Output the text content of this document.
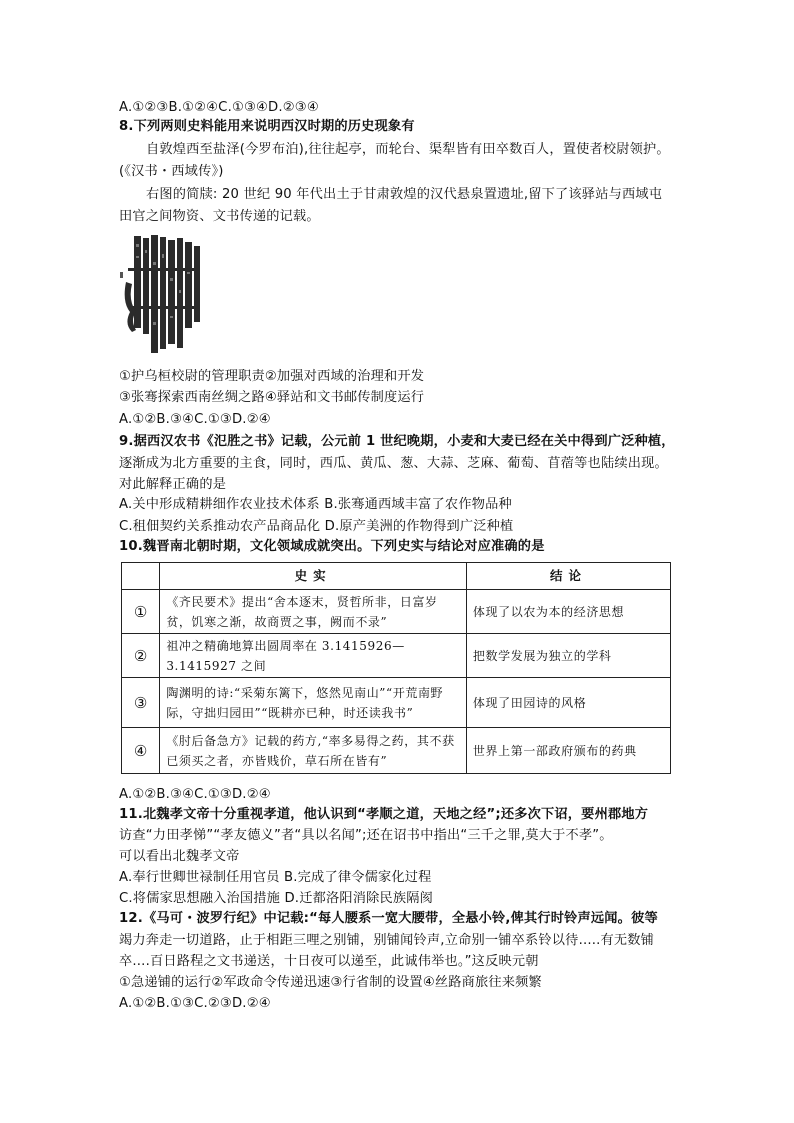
A.①②③B.①②④C.①③④D.②③④
8.下列两则史料能用来说明西汉时期的历史现象有
自敦煌西至盐泽(今罗布泊),往往起亭，而轮台、渠犁皆有田卒数百人，置使者校尉领护。
(《汉书・西域传》)
右图的简牍: 20 世纪 90 年代出土于甘肃敦煌的汉代悬泉置遗址,留下了该驿站与西域屯
田官之间物资、文书传递的记载。
①护乌桓校尉的管理职责②加强对西域的治理和开发
③张骞探索西南丝绸之路④驿站和文书邮传制度运行
A.①②B.③④C.①③D.②④
9.据西汉农书《氾胜之书》记载，公元前 1 世纪晚期，小麦和大麦已经在关中得到广泛种植，
逐渐成为北方重要的主食，同时，西瓜、黄瓜、葱、大蒜、芝麻、葡萄、苜蓿等也陆续出现。
对此解释正确的是
A.关中形成精耕细作农业技术体系 B.张骞通西域丰富了农作物品种
C.租佃契约关系推动农产品商品化 D.原产美洲的作物得到广泛种植
10.魏晋南北朝时期，文化领域成就突出。下列史实与结论对应准确的是
	史实	结论
①	《齐民要术》提出“舍本逐末，贤哲所非，日富岁贫，饥寒之渐，故商贾之事，阙而不录”	体现了以农为本的经济思想

②	祖冲之精确地算出圆周率在 3.1415926—3.1415927 之间	把数学发展为独立的学科

③	陶渊明的诗:“采菊东篱下，悠然见南山”“开荒南野际，守拙归园田”“既耕亦已种，时还读我书”	体现了田园诗的风格

④	《肘后备急方》记载的药方,“率多易得之药，其不获已须买之者，亦皆贱价，草石所在皆有”	世界上第一部政府颁布的药典
A.①②B.③④C.①③D.②④
11.北魏孝文帝十分重视孝道，他认识到“孝顺之道，天地之经”;还多次下诏，要州郡地方
访查“力田孝悌”“孝友德义”者“具以名闻”;还在诏书中指出“三千之罪,莫大于不孝”。
可以看出北魏孝文帝
A.奉行世卿世禄制任用官员 B.完成了律令儒家化过程
C.将儒家思想融入治国措施 D.迁都洛阳消除民族隔阂
12.《马可・波罗行纪》中记载:“每人腰系一宽大腰带，全悬小铃,俾其行时铃声远闻。彼等
竭力奔走一切道路，止于相距三哩之别铺，别铺闻铃声,立命别一铺卒系铃以待.....有无数铺
卒....百日路程之文书递送，十日夜可以递至，此诚伟举也。”这反映元朝
①急递铺的运行②军政命令传递迅速③行省制的设置④丝路商旅往来频繁
A.①②B.①③C.②③D.②④
